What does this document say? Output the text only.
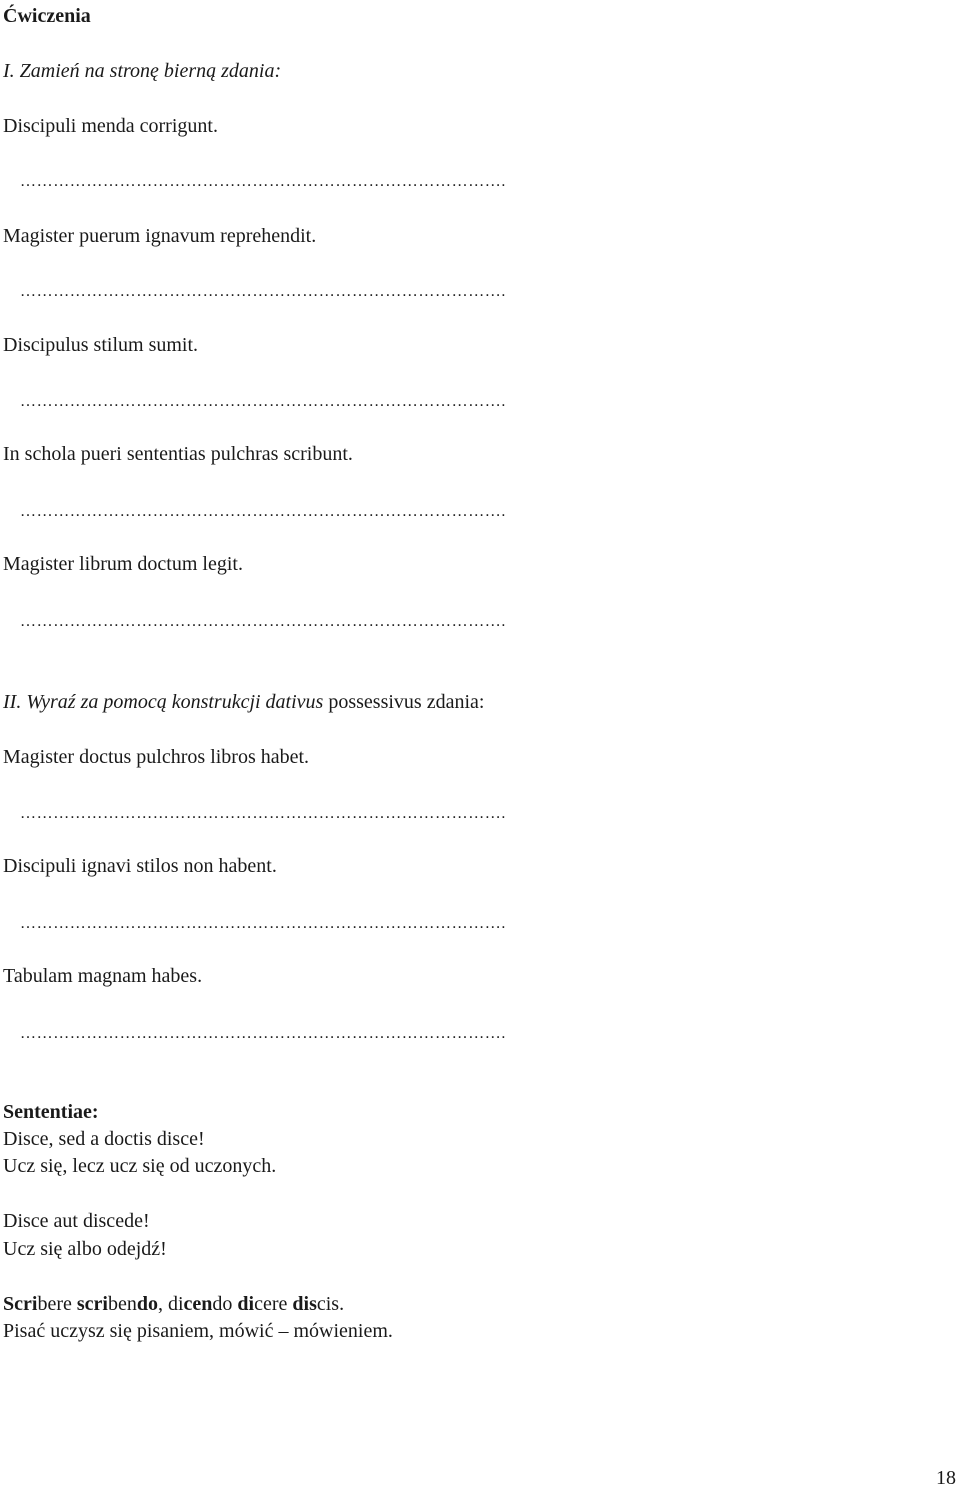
Ćwiczenia
I. Zamień na stronę bierną zdania:
Discipuli menda corrigunt.
…………………………………………………………………………….
Magister puerum ignavum reprehendit.
…………………………………………………………………………….
Discipulus stilum sumit.
…………………………………………………………………………….
In schola pueri sententias pulchras scribunt.
…………………………………………………………………………….
Magister librum doctum legit.
…………………………………………………………………………….
II. Wyraź za pomocą konstrukcji dativus possessivus zdania:
Magister doctus pulchros libros habet.
…………………………………………………………………………….
Discipuli ignavi stilos non habent.
…………………………………………………………………………….
Tabulam magnam habes.
…………………………………………………………………………….
Sententiae:
Disce, sed a doctis disce!
Ucz się, lecz ucz się od uczonych.
Disce aut discede!
Ucz się albo odejdź!
Scribere scribendo, dicendo dicere discis.
Pisać uczysz się pisaniem, mówić – mówieniem.
18
